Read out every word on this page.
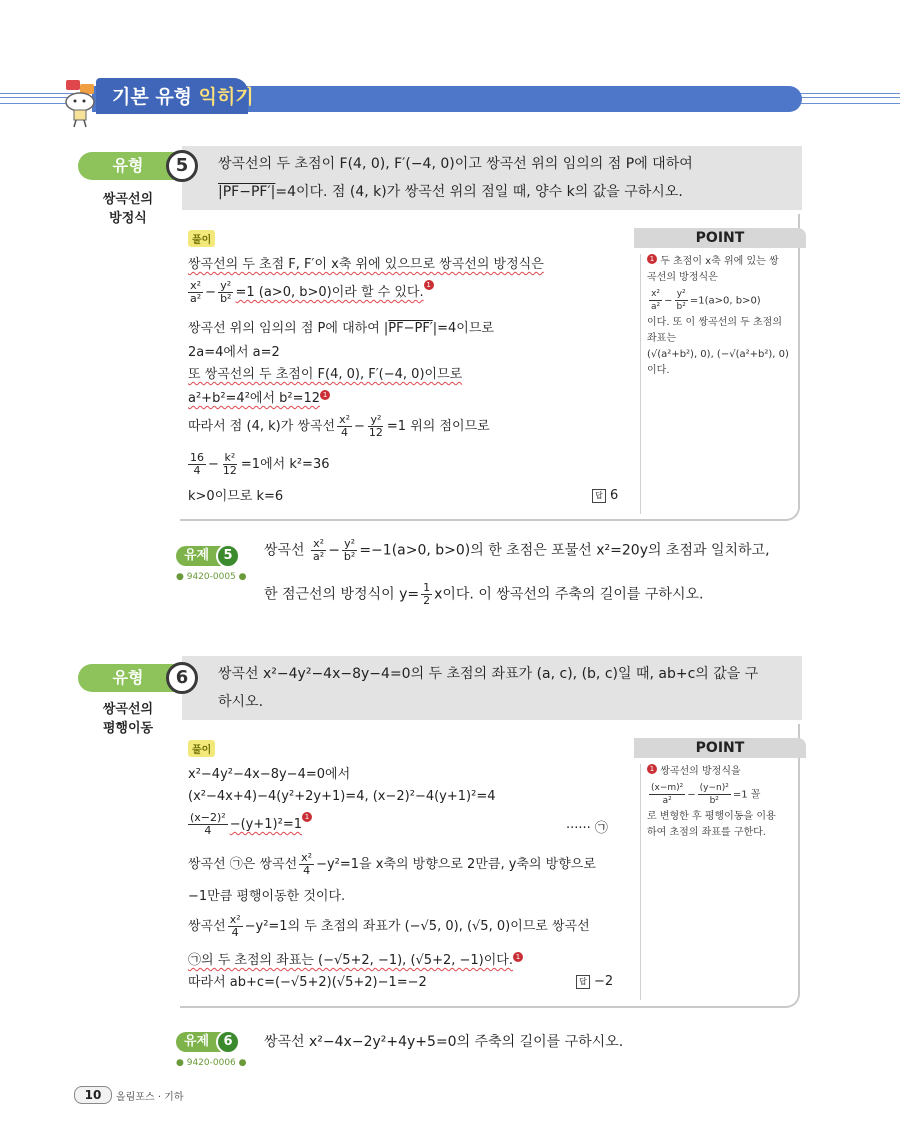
기본 유형 익히기
유형
쌍곡선의
방정식
5	쌍곡선의 두 초점이 F(4, 0), F′(−4, 0)이고 쌍곡선 위의 임의의 점 P에 대하여
|PF−PF′|=4이다. 점 (4, k)가 쌍곡선 위의 점일 때, 양수 k의 값을 구하시오.
풀이
쌍곡선의 두 초점 F, F′이 x축 위에 있으므로 쌍곡선의 방정식은
$\frac{\text{x²}}{\text{a²}} - \frac{\text{y²}}{\text{b²}} =1$ (a>0, b>0)이라 할 수 있다. 1
쌍곡선 위의 임의의 점 P에 대하여 |PF−PF′|=4이므로
2a=4에서 a=2
또 쌍곡선의 두 초점이 F(4, 0), F′(−4, 0)이므로
a²+b²=4²에서 b²=12 1
따라서 점 (4, k)가 쌍곡선 $\frac{\text{x²}}{4} - \frac{\text{y²}}{12} =1$ 위의 점이므로
$\frac{16}{4} - \frac{\text{k²}}{12} =1$에서 k²=36
k>0이므로 k=6	답 6
POINT
1 두 초점이 x축 위에 있는 쌍
곡선의 방정식은
$\frac{\text{x²}}{\text{a²}} - \frac{\text{y²}}{\text{b²}} =1(a>0$, b>0)
이다. 또 이 쌍곡선의 두 초점의
좌표는
(√(a²+b²), 0), (−√(a²+b²), 0)
이다.
유제	5
● 9420-0005 ●
쌍곡선 $\frac{\text{x²}}{\text{a²}} - \frac{\text{y²}}{\text{b²}} =-1(a>0$, b>0)의 한 초점은 포물선 x²=20y의 초점과 일치하고,
한 점근선의 방정식이 $y= \frac{1}{2}$ x이다. 이 쌍곡선의 주축의 길이를 구하시오.
유형
쌍곡선의
평행이동
6	쌍곡선 x²−4y²−4x−8y−4=0의 두 초점의 좌표가 (a, c), (b, c)일 때, ab+c의 값을 구
하시오.
풀이
x²−4y²−4x−8y−4=0에서
(x²−4x+4)−4(y²+2y+1)=4, (x−2)²−4(y+1)²=4
$\frac{\text{(x−2)²}}{4} -(y+1)^2=1$ 1
······ ㉠
쌍곡선 ㉠은 쌍곡선 $\frac{\text{x²}}{4} -y^2=1$을 x축의 방향으로 2만큼, y축의 방향으로
−1만큼 평행이동한 것이다.
쌍곡선 $\frac{\text{x²}}{4} -y^2=1$의 두 초점의 좌표가 (−√5, 0), (√5, 0)이므로 쌍곡선
㉠의 두 초점의 좌표는 (−√5+2, −1), (√5+2, −1)이다. 1
따라서 ab+c=(−√5+2)(√5+2)−1=−2	답 −2
POINT
1 쌍곡선의 방정식을
$\frac{\text{(x−m)²}}{\text{a²}} - \frac{\text{(y−n)²}}{\text{b²}} =1$ 꼴
로 변형한 후 평행이동을 이용
하여 초점의 좌표를 구한다.
유제	6
● 9420-0006 ●
쌍곡선 x²−4x−2y²+4y+5=0의 주축의 길이를 구하시오.
10	올림포스 · 기하
